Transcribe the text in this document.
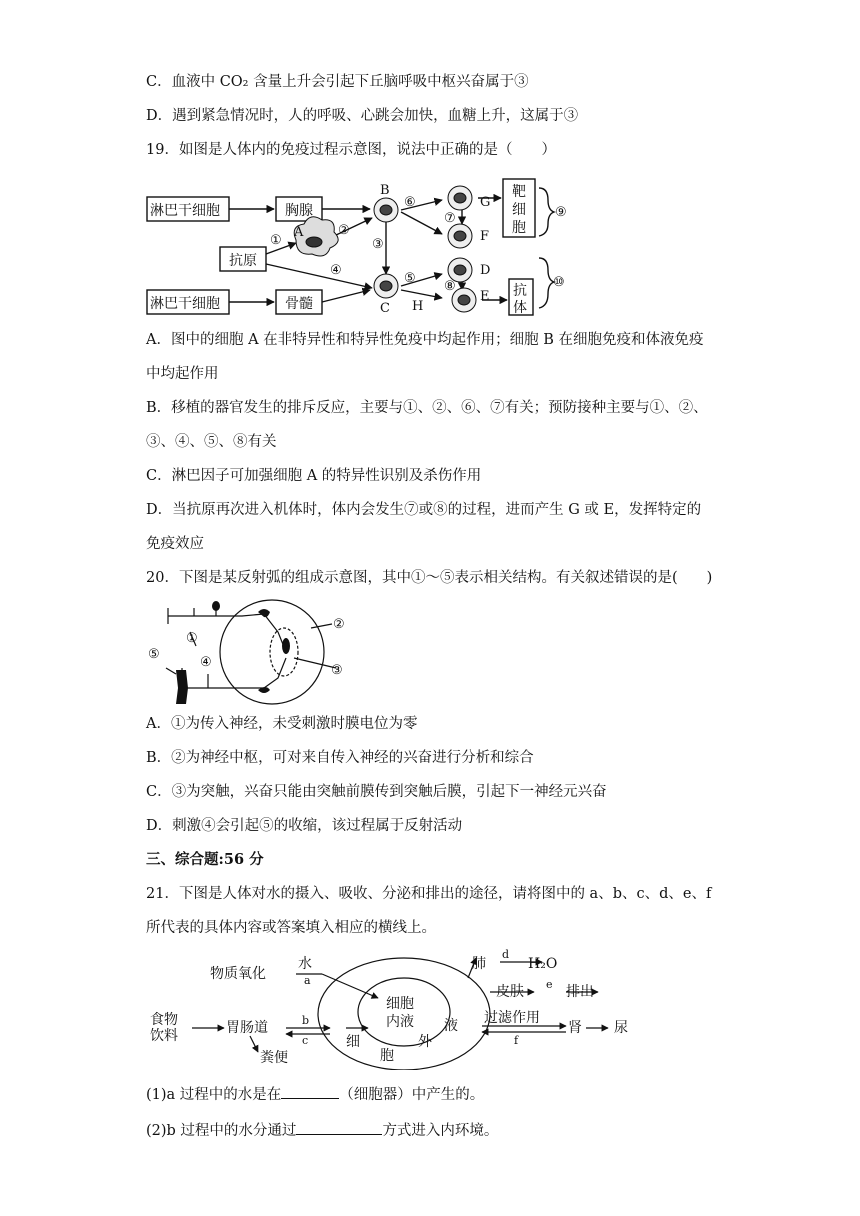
C．血液中 CO₂ 含量上升会引起下丘脑呼吸中枢兴奋属于③
D．遇到紧急情况时，人的呼吸、心跳会加快，血糖上升，这属于③
19．如图是人体内的免疫过程示意图，说法中正确的是（　　）
淋巴干细胞	胸腺
抗原
淋巴干细胞	骨髓
靶
细
胞
抗
体
A
B
C
D
E
F
G
H
①
②
③
④
⑤
⑥
⑦
⑧
⑨
⑩
A．图中的细胞 A 在非特异性和特异性免疫中均起作用；细胞 B 在细胞免疫和体液免疫
中均起作用
B．移植的器官发生的排斥反应，主要与①、②、⑥、⑦有关；预防接种主要与①、②、
③、④、⑤、⑧有关
C．淋巴因子可加强细胞 A 的特异性识别及杀伤作用
D．当抗原再次进入机体时，体内会发生⑦或⑧的过程，进而产生 G 或 E，发挥特定的
免疫效应
20．下图是某反射弧的组成示意图，其中①～⑤表示相关结构。有关叙述错误的是(　　)
①
②
③
④
⑤
A．①为传入神经，未受刺激时膜电位为零
B．②为神经中枢，可对来自传入神经的兴奋进行分析和综合
C．③为突触，兴奋只能由突触前膜传到突触后膜，引起下一神经元兴奋
D．刺激④会引起⑤的收缩，该过程属于反射活动
三、综合题:56 分
21．下图是人体对水的摄入、吸收、分泌和排出的途径，请将图中的 a、b、c、d、e、f
所代表的具体内容或答案填入相应的横线上。
物质氧化
水
a
肺
d
H₂O
皮肤 e 排出
食物
饮料	胃肠道	b
c
粪便
细胞
内液
细
胞
外
液 过滤作用
f
肾 尿
(1)a 过程中的水是在	（细胞器）中产生的。
(2)b 过程中的水分通过	方式进入内环境。
